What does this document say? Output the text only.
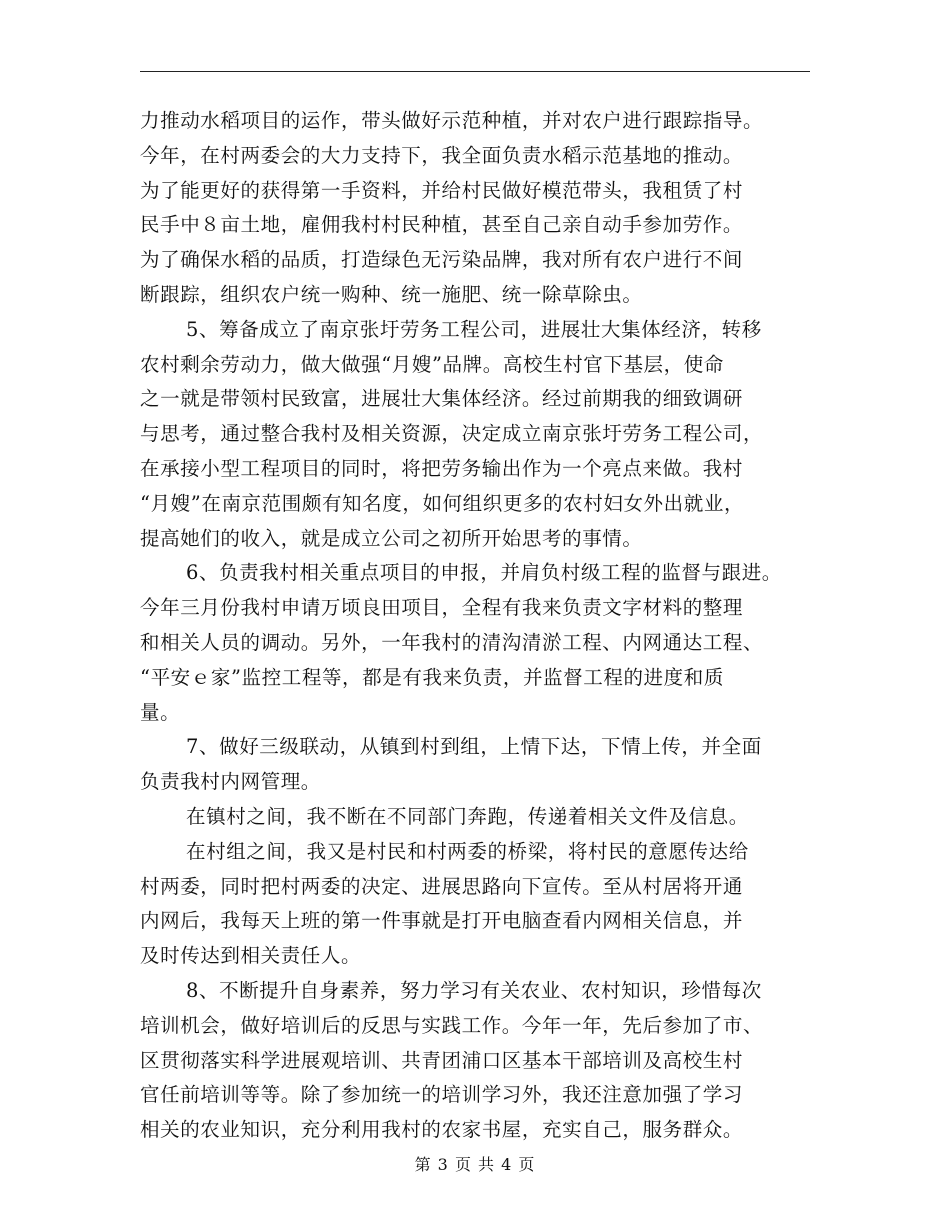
力推动水稻项目的运作，带头做好示范种植，并对农户进行跟踪指导。
今年，在村两委会的大力支持下，我全面负责水稻示范基地的推动。
为了能更好的获得第一手资料，并给村民做好模范带头，我租赁了村
民手中８亩土地，雇佣我村村民种植，甚至自己亲自动手参加劳作。
为了确保水稻的品质，打造绿色无污染品牌，我对所有农户进行不间
断跟踪，组织农户统一购种、统一施肥、统一除草除虫。
5、筹备成立了南京张圩劳务工程公司，进展壮大集体经济，转移
农村剩余劳动力，做大做强“月嫂”品牌。高校生村官下基层，使命
之一就是带领村民致富，进展壮大集体经济。经过前期我的细致调研
与思考，通过整合我村及相关资源，决定成立南京张圩劳务工程公司，
在承接小型工程项目的同时，将把劳务输出作为一个亮点来做。我村
“月嫂”在南京范围颇有知名度，如何组织更多的农村妇女外出就业，
提高她们的收入，就是成立公司之初所开始思考的事情。
6、负责我村相关重点项目的申报，并肩负村级工程的监督与跟进。
今年三月份我村申请万顷良田项目，全程有我来负责文字材料的整理
和相关人员的调动。另外，一年我村的清沟清淤工程、内网通达工程、
“平安ｅ家”监控工程等，都是有我来负责，并监督工程的进度和质
量。
7、做好三级联动，从镇到村到组，上情下达，下情上传，并全面
负责我村内网管理。
在镇村之间，我不断在不同部门奔跑，传递着相关文件及信息。
在村组之间，我又是村民和村两委的桥梁，将村民的意愿传达给
村两委，同时把村两委的决定、进展思路向下宣传。至从村居将开通
内网后，我每天上班的第一件事就是打开电脑查看内网相关信息，并
及时传达到相关责任人。
8、不断提升自身素养，努力学习有关农业、农村知识，珍惜每次
培训机会，做好培训后的反思与实践工作。今年一年，先后参加了市、
区贯彻落实科学进展观培训、共青团浦口区基本干部培训及高校生村
官任前培训等等。除了参加统一的培训学习外，我还注意加强了学习
相关的农业知识，充分利用我村的农家书屋，充实自己，服务群众。
第 3 页 共 4 页
